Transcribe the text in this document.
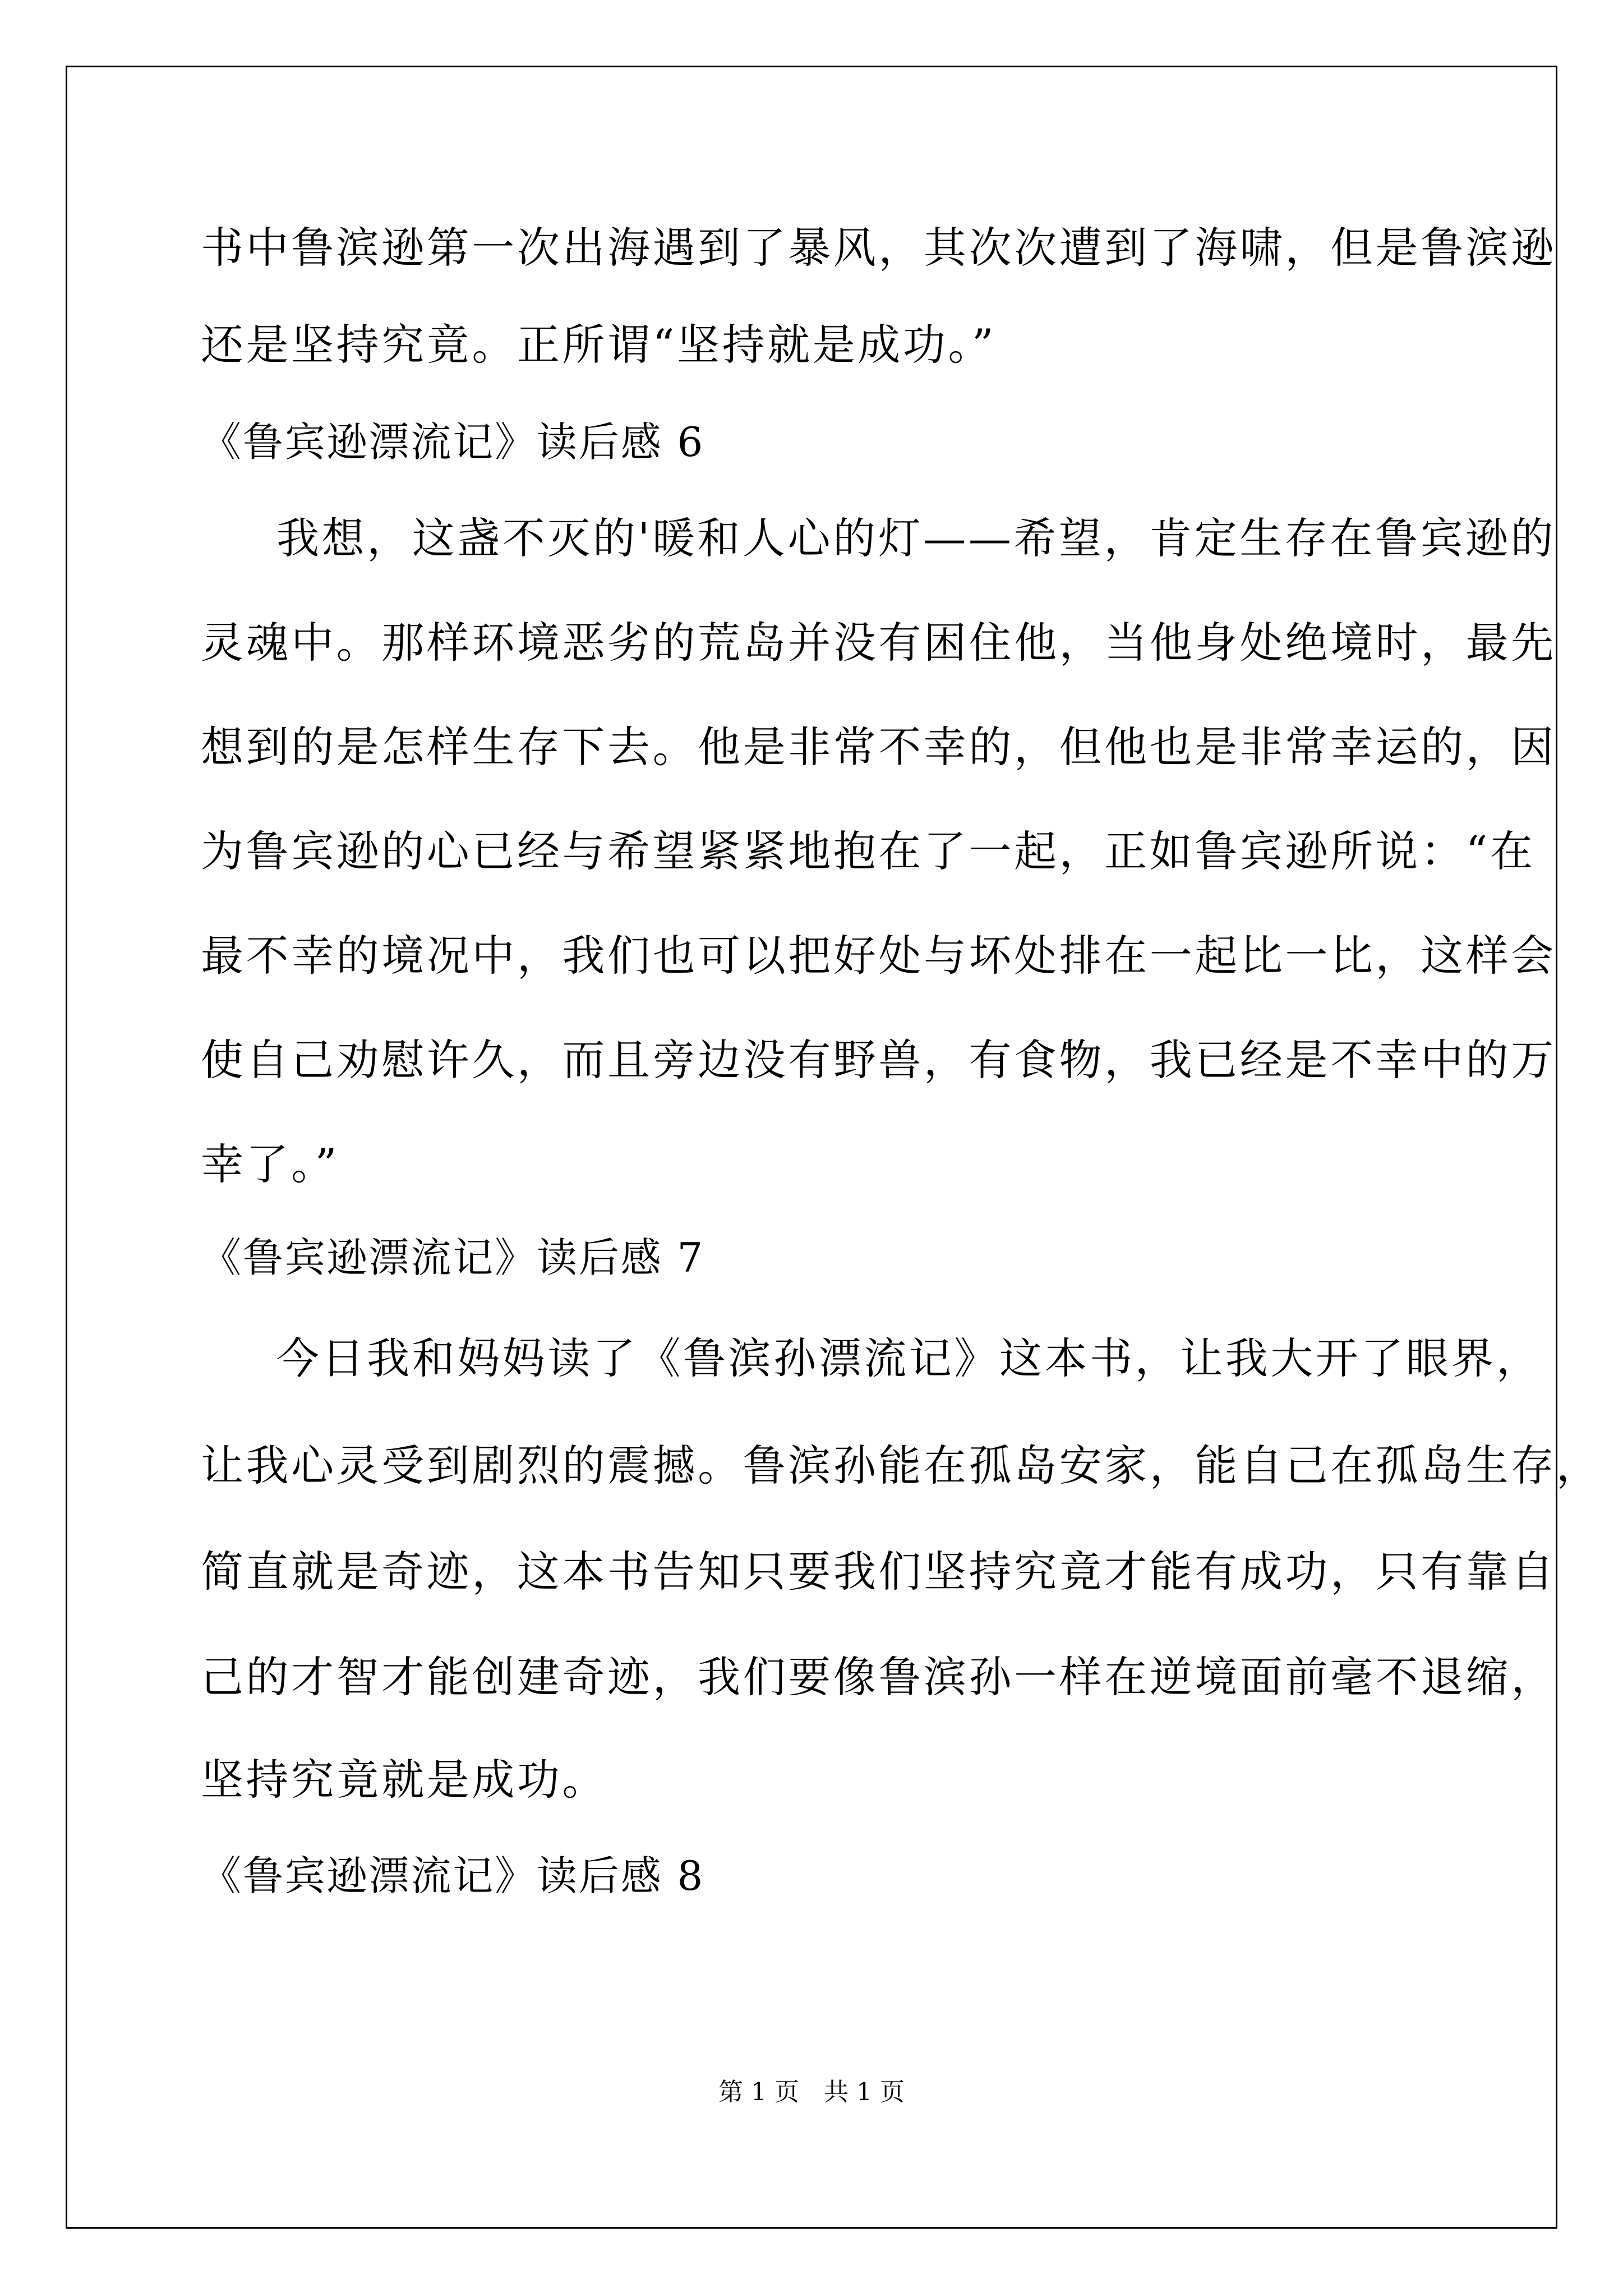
书中鲁滨逊第一次出海遇到了暴风，其次次遭到了海啸，但是鲁滨逊
还是坚持究竟。正所谓“坚持就是成功。”
《鲁宾逊漂流记》读后感 6
我想，这盏不灭的'暖和人心的灯——希望，肯定生存在鲁宾逊的
灵魂中。那样环境恶劣的荒岛并没有困住他，当他身处绝境时，最先
想到的是怎样生存下去。他是非常不幸的，但他也是非常幸运的，因
为鲁宾逊的心已经与希望紧紧地抱在了一起，正如鲁宾逊所说：“在
最不幸的境况中，我们也可以把好处与坏处排在一起比一比，这样会
使自己劝慰许久，而且旁边没有野兽，有食物，我已经是不幸中的万
幸了。”
《鲁宾逊漂流记》读后感 7
今日我和妈妈读了《鲁滨孙漂流记》这本书，让我大开了眼界，
让我心灵受到剧烈的震撼。鲁滨孙能在孤岛安家，能自己在孤岛生存，
简直就是奇迹，这本书告知只要我们坚持究竟才能有成功，只有靠自
己的才智才能创建奇迹，我们要像鲁滨孙一样在逆境面前毫不退缩，
坚持究竟就是成功。
《鲁宾逊漂流记》读后感 8
第 1 页　共 1 页
